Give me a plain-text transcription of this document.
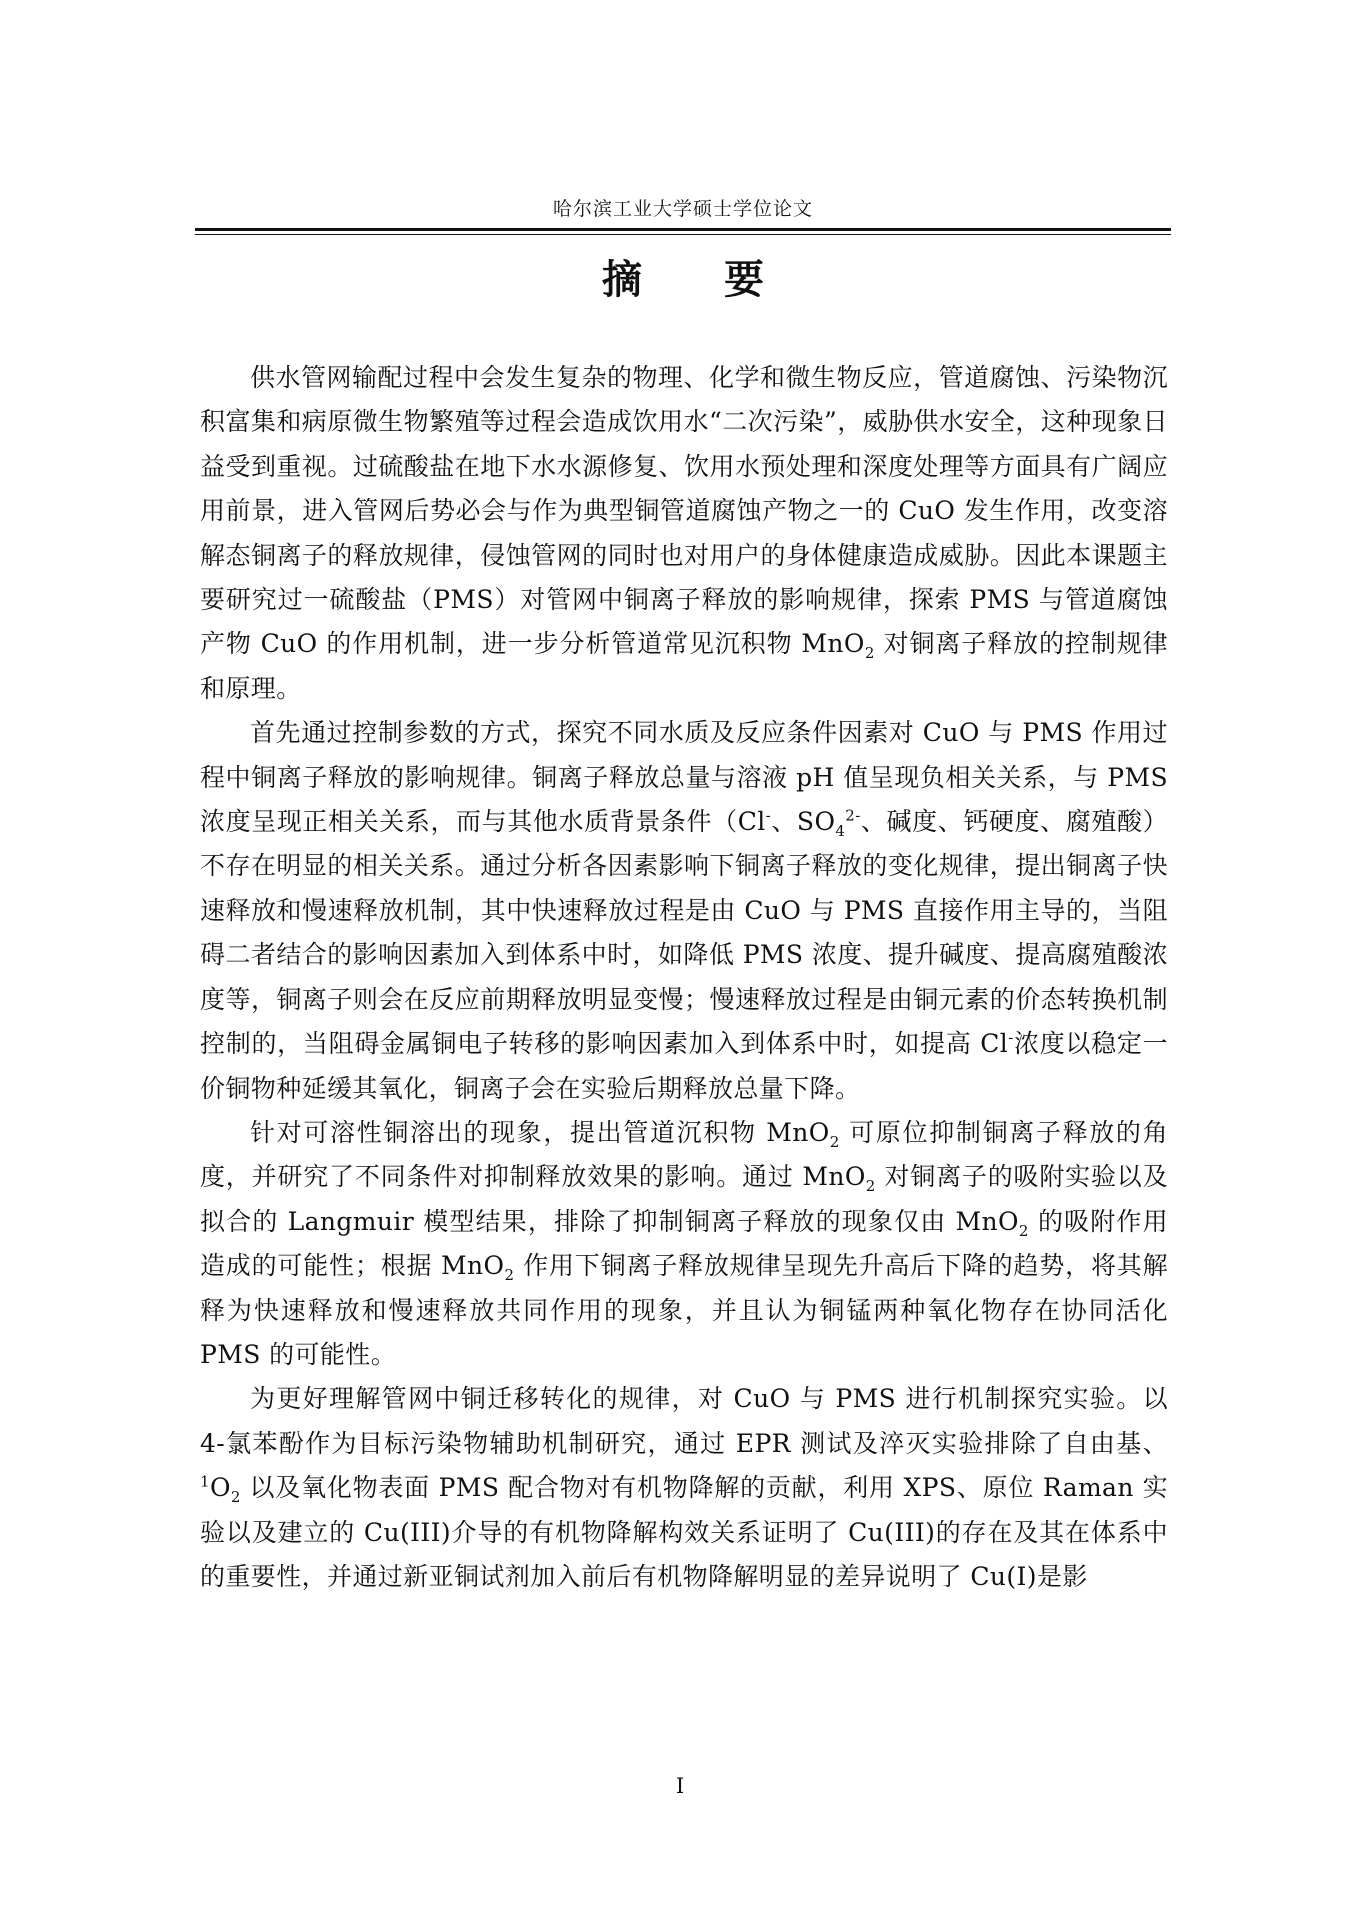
哈尔滨工业大学硕士学位论文
摘 要

供水管网输配过程中会发生复杂的物理、化学和微生物反应，管道腐蚀、污染物沉积富集和病原微生物繁殖等过程会造成饮用水“二次污染”，威胁供水安全，这种现象日益受到重视。过硫酸盐在地下水水源修复、饮用水预处理和深度处理等方面具有广阔应用前景，进入管网后势必会与作为典型铜管道腐蚀产物之一的 CuO 发生作用，改变溶解态铜离子的释放规律，侵蚀管网的同时也对用户的身体健康造成威胁。因此本课题主要研究过一硫酸盐（PMS）对管网中铜离子释放的影响规律，探索 PMS 与管道腐蚀产物 CuO 的作用机制，进一步分析管道常见沉积物 MnO$_2$ 对铜离子释放的控制规律和原理。

首先通过控制参数的方式，探究不同水质及反应条件因素对 CuO 与 PMS 作用过程中铜离子释放的影响规律。铜离子释放总量与溶液 pH 值呈现负相关关系，与 PMS 浓度呈现正相关关系，而与其他水质背景条件（Cl-、$SO_4^{2-}$、碱度、钙硬度、腐殖酸）不存在明显的相关关系。通过分析各因素影响下铜离子释放的变化规律，提出铜离子快速释放和慢速释放机制，其中快速释放过程是由 CuO 与 PMS 直接作用主导的，当阻碍二者结合的影响因素加入到体系中时，如降低 PMS 浓度、提升碱度、提高腐殖酸浓度等，铜离子则会在反应前期释放明显变慢；慢速释放过程是由铜元素的价态转换机制控制的，当阻碍金属铜电子转移的影响因素加入到体系中时，如提高 Cl-浓度以稳定一价铜物种延缓其氧化，铜离子会在实验后期释放总量下降。

针对可溶性铜溶出的现象，提出管道沉积物 MnO$_2$ 可原位抑制铜离子释放的角度，并研究了不同条件对抑制释放效果的影响。通过 MnO$_2$ 对铜离子的吸附实验以及拟合的 Langmuir 模型结果，排除了抑制铜离子释放的现象仅由 MnO$_2$ 的吸附作用造成的可能性；根据 MnO$_2$ 作用下铜离子释放规律呈现先升高后下降的趋势，将其解释为快速释放和慢速释放共同作用的现象，并且认为铜锰两种氧化物存在协同活化 PMS 的可能性。

为更好理解管网中铜迁移转化的规律，对 CuO 与 PMS 进行机制探究实验。以 4-氯苯酚作为目标污染物辅助机制研究，通过 EPR 测试及淬灭实验排除了自由基、$^1O_2$ 以及氧化物表面 PMS 配合物对有机物降解的贡献，利用 XPS、原位 Raman 实验以及建立的 Cu(III)介导的有机物降解构效关系证明了 Cu(III)的存在及其在体系中的重要性，并通过新亚铜试剂加入前后有机物降解明显的差异说明了 Cu(I)是影

I
